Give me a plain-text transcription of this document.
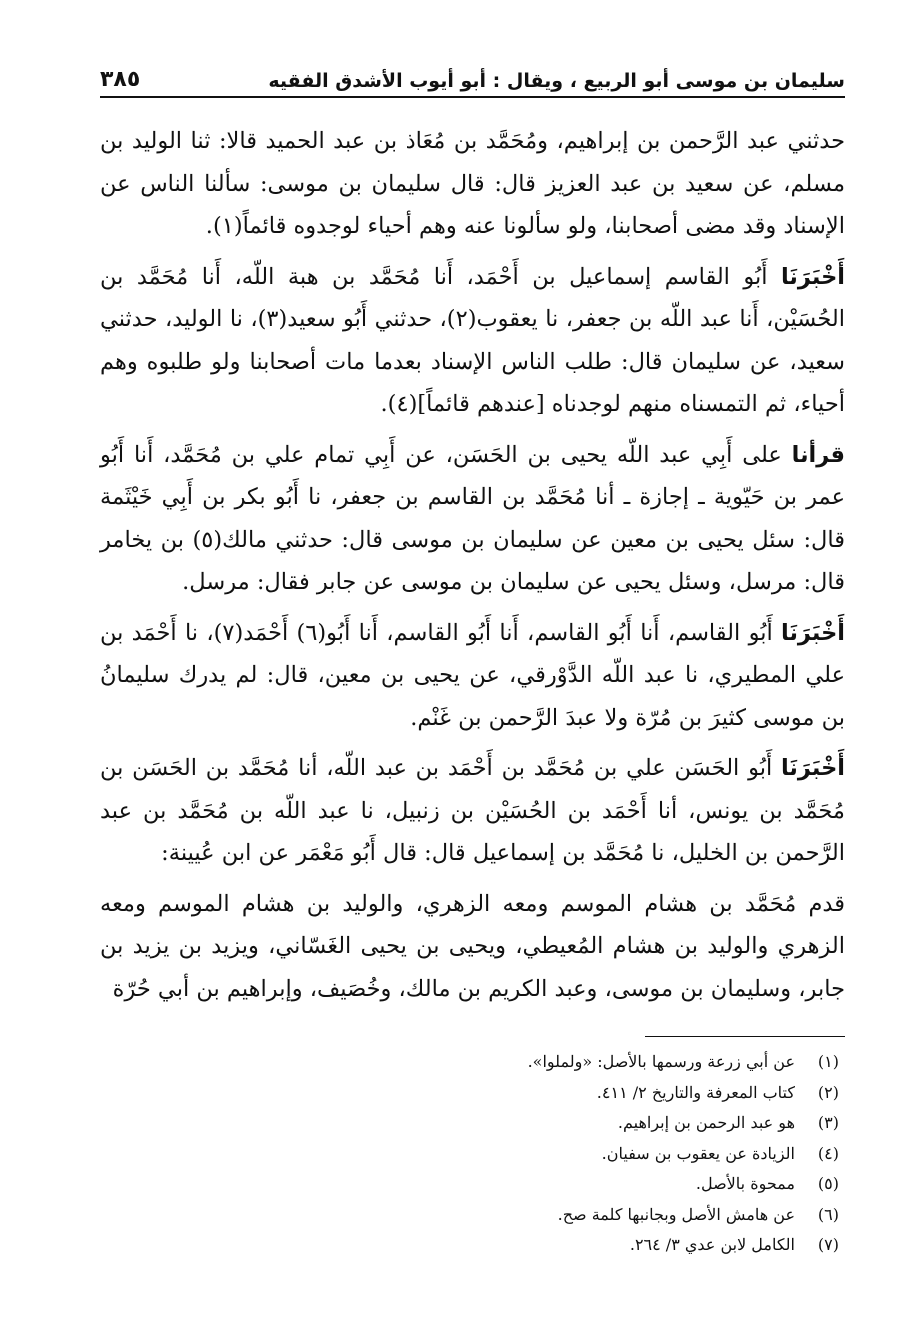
سليمان بن موسى أبو الربيع ، ويقال : أبو أيوب الأشدق الفقيه
٣٨٥

حدثني عبد الرَّحمن بن إبراهيم، ومُحَمَّد بن مُعَاذ بن عبد الحميد قالا: ثنا الوليد بن مسلم، عن سعيد بن عبد العزيز قال: قال سليمان بن موسى: سألنا الناس عن الإسناد وقد مضى أصحابنا، ولو سألونا عنه وهم أحياء لوجدوه قائماً(١).

أَخْبَرَنَا أَبُو القاسم إسماعيل بن أَحْمَد، أَنا مُحَمَّد بن هبة اللّه، أَنا مُحَمَّد بن الحُسَيْن، أَنا عبد اللّه بن جعفر، نا يعقوب(٢)، حدثني أَبُو سعيد(٣)، نا الوليد، حدثني سعيد، عن سليمان قال: طلب الناس الإسناد بعدما مات أصحابنا ولو طلبوه وهم أحياء، ثم التمسناه منهم لوجدناه [عندهم قائماً](٤).

قرأنا على أَبِي عبد اللّه يحيى بن الحَسَن، عن أَبِي تمام علي بن مُحَمَّد، أَنا أَبُو عمر بن حَيّوية ـ إجازة ـ أنا مُحَمَّد بن القاسم بن جعفر، نا أَبُو بكر بن أَبِي خَيْثَمة قال: سئل يحيى بن معين عن سليمان بن موسى قال: حدثني مالك(٥) بن يخامر قال: مرسل، وسئل يحيى عن سليمان بن موسى عن جابر فقال: مرسل.

أَخْبَرَنَا أَبُو القاسم، أَنا أَبُو القاسم، أَنا أَبُو القاسم، أَنا أَبُو(٦) أَحْمَد(٧)، نا أَحْمَد بن علي المطيري، نا عبد اللّه الدَّوْرقي، عن يحيى بن معين، قال: لم يدرك سليمانُ بن موسى كثيرَ بن مُرّة ولا عبدَ الرَّحمن بن غَنْم.

أَخْبَرَنَا أَبُو الحَسَن علي بن مُحَمَّد بن أَحْمَد بن عبد اللّه، أنا مُحَمَّد بن الحَسَن بن مُحَمَّد بن يونس، أنا أَحْمَد بن الحُسَيْن بن زنبيل، نا عبد اللّه بن مُحَمَّد بن عبد الرَّحمن بن الخليل، نا مُحَمَّد بن إسماعيل قال: قال أَبُو مَعْمَر عن ابن عُيينة:

قدم مُحَمَّد بن هشام الموسم ومعه الزهري، والوليد بن هشام الموسم ومعه الزهري والوليد بن هشام المُعيطي، ويحيى بن يحيى الغَسّاني، ويزيد بن يزيد بن جابر، وسليمان بن موسى، وعبد الكريم بن مالك، وخُصَيف، وإبراهيم بن أبي حُرّة

(١)
عن أبي زرعة ورسمها بالأصل: «ولملوا».
(٢)
كتاب المعرفة والتاريخ ٢/ ٤١١.
(٣)
هو عبد الرحمن بن إبراهيم.
(٤)
الزيادة عن يعقوب بن سفيان.
(٥)
ممحوة بالأصل.
(٦)
عن هامش الأصل وبجانبها كلمة صح.
(٧)
الكامل لابن عدي ٣/ ٢٦٤.
